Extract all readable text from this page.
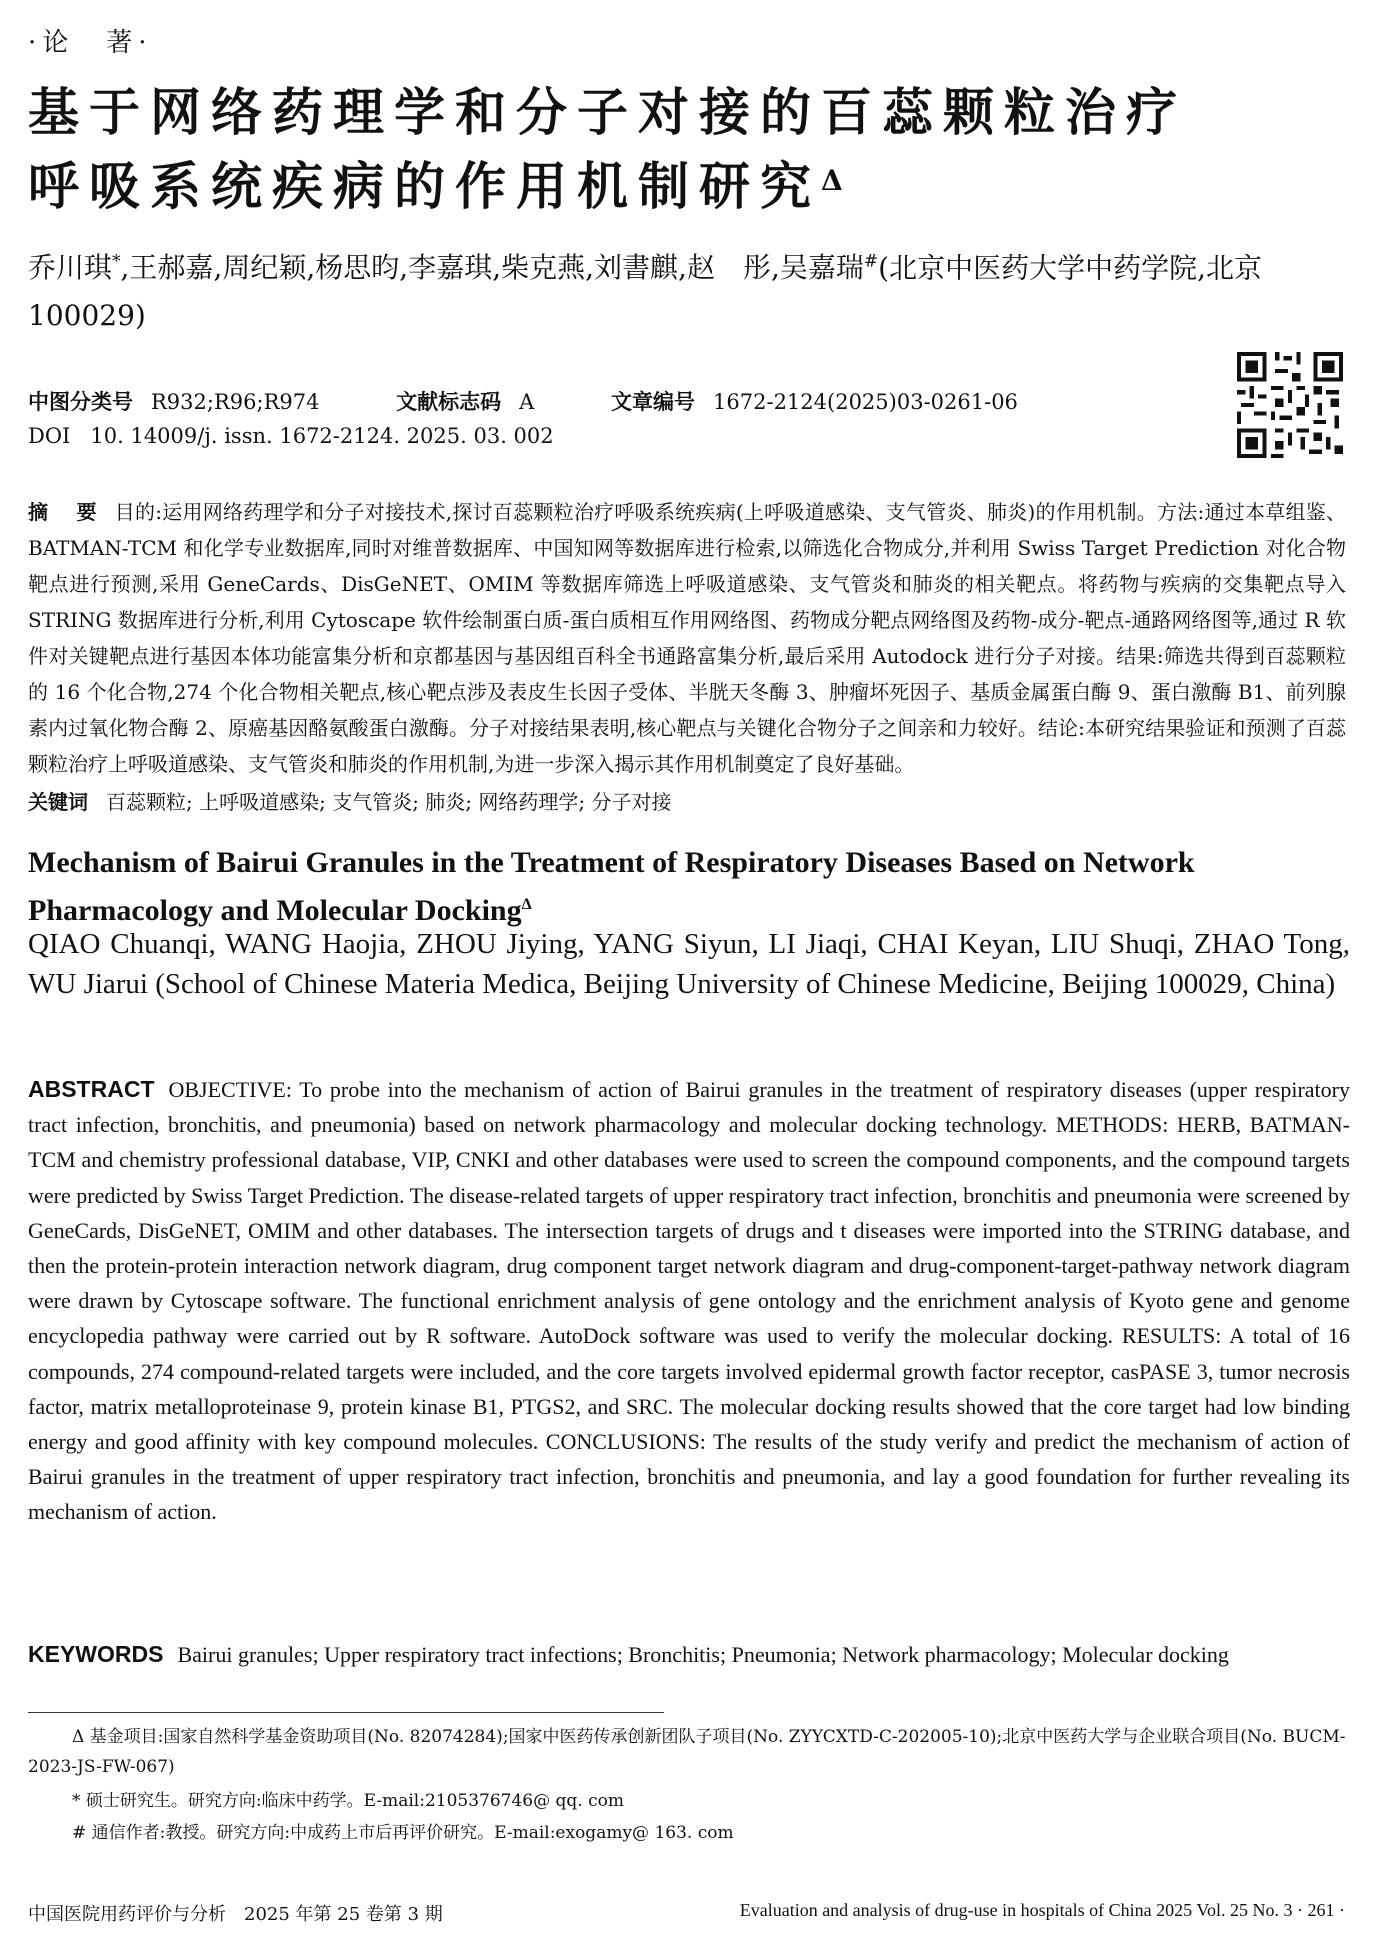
·论　著·
基于网络药理学和分子对接的百蕊颗粒治疗
呼吸系统疾病的作用机制研究$^\Delta$
乔川琪*,王郝嘉,周纪颖,杨思昀,李嘉琪,柴克燕,刘書麒,赵　彤,吴嘉瑞#(北京中医药大学中药学院,北京　100029)
中图分类号 R932;R96;R974	文献标志码 A	文章编号 1672-2124(2025)03-0261-06
DOI 10. 14009/j. issn. 1672-2124. 2025. 03. 002
摘　要 目的:运用网络药理学和分子对接技术,探讨百蕊颗粒治疗呼吸系统疾病(上呼吸道感染、支气管炎、肺炎)的作用机制。方法:通过本草组鉴、BATMAN-TCM 和化学专业数据库,同时对维普数据库、中国知网等数据库进行检索,以筛选化合物成分,并利用 Swiss Target Prediction 对化合物靶点进行预测,采用 GeneCards、DisGeNET、OMIM 等数据库筛选上呼吸道感染、支气管炎和肺炎的相关靶点。将药物与疾病的交集靶点导入 STRING 数据库进行分析,利用 Cytoscape 软件绘制蛋白质-蛋白质相互作用网络图、药物成分靶点网络图及药物-成分-靶点-通路网络图等,通过 R 软件对关键靶点进行基因本体功能富集分析和京都基因与基因组百科全书通路富集分析,最后采用 Autodock 进行分子对接。结果:筛选共得到百蕊颗粒的 16 个化合物,274 个化合物相关靶点,核心靶点涉及表皮生长因子受体、半胱天冬酶 3、肿瘤坏死因子、基质金属蛋白酶 9、蛋白激酶 B1、前列腺素内过氧化物合酶 2、原癌基因酪氨酸蛋白激酶。分子对接结果表明,核心靶点与关键化合物分子之间亲和力较好。结论:本研究结果验证和预测了百蕊颗粒治疗上呼吸道感染、支气管炎和肺炎的作用机制,为进一步深入揭示其作用机制奠定了良好基础。
关键词 百蕊颗粒; 上呼吸道感染; 支气管炎; 肺炎; 网络药理学; 分子对接
Mechanism of Bairui Granules in the Treatment of Respiratory Diseases Based on Network Pharmacology and Molecular Docking$^\Delta$
QIAO Chuanqi, WANG Haojia, ZHOU Jiying, YANG Siyun, LI Jiaqi, CHAI Keyan, LIU Shuqi, ZHAO Tong, WU Jiarui (School of Chinese Materia Medica, Beijing University of Chinese Medicine, Beijing 100029, China)
ABSTRACT OBJECTIVE: To probe into the mechanism of action of Bairui granules in the treatment of respiratory diseases (upper respiratory tract infection, bronchitis, and pneumonia) based on network pharmacology and molecular docking technology. METHODS: HERB, BATMAN-TCM and chemistry professional database, VIP, CNKI and other databases were used to screen the compound components, and the compound targets were predicted by Swiss Target Prediction. The disease-related targets of upper respiratory tract infection, bronchitis and pneumonia were screened by GeneCards, DisGeNET, OMIM and other databases. The intersection targets of drugs and t diseases were imported into the STRING database, and then the protein-protein interaction network diagram, drug component target network diagram and drug-component-target-pathway network diagram were drawn by Cytoscape software. The functional enrichment analysis of gene ontology and the enrichment analysis of Kyoto gene and genome encyclopedia pathway were carried out by R software. AutoDock software was used to verify the molecular docking. RESULTS: A total of 16 compounds, 274 compound-related targets were included, and the core targets involved epidermal growth factor receptor, casPASE 3, tumor necrosis factor, matrix metalloproteinase 9, protein kinase B1, PTGS2, and SRC. The molecular docking results showed that the core target had low binding energy and good affinity with key compound molecules. CONCLUSIONS: The results of the study verify and predict the mechanism of action of Bairui granules in the treatment of upper respiratory tract infection, bronchitis and pneumonia, and lay a good foundation for further revealing its mechanism of action.
KEYWORDS Bairui granules; Upper respiratory tract infections; Bronchitis; Pneumonia; Network pharmacology; Molecular docking
Δ 基金项目:国家自然科学基金资助项目(No. 82074284);国家中医药传承创新团队子项目(No. ZYYCXTD-C-202005-10);北京中医药大学与企业联合项目(No. BUCM-2023-JS-FW-067)
* 硕士研究生。研究方向:临床中药学。E-mail:2105376746@ qq. com
# 通信作者:教授。研究方向:中成药上市后再评价研究。E-mail:exogamy@ 163. com
中国医院用药评价与分析　2025 年第 25 卷第 3 期	Evaluation and analysis of drug-use in hospitals of China 2025 Vol. 25 No. 3 · 261 ·
